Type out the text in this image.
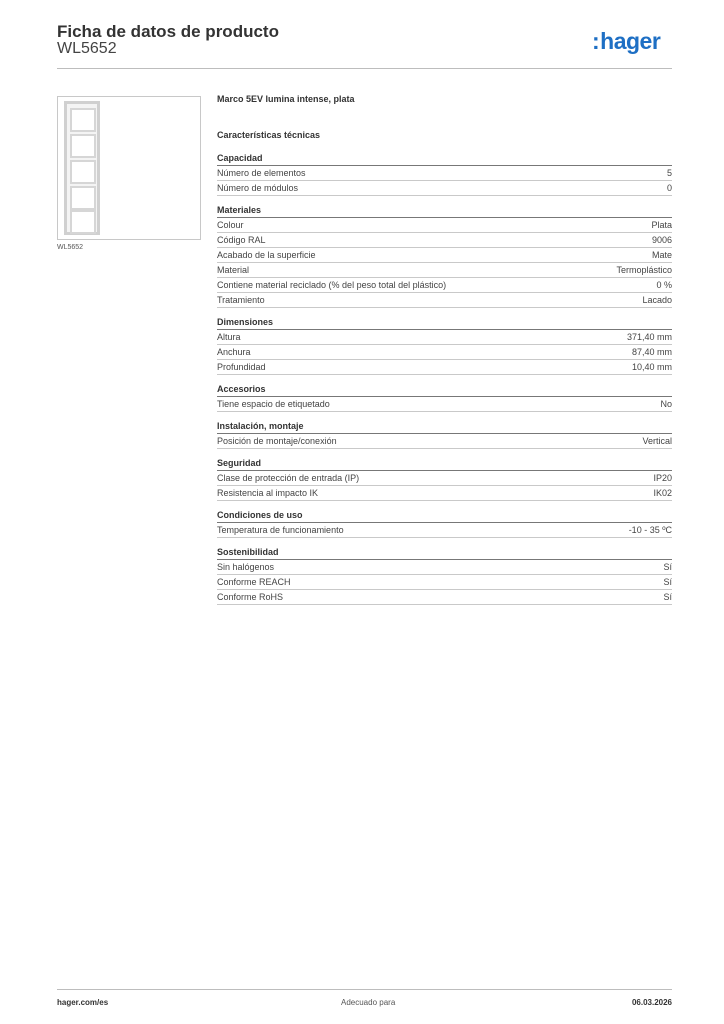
Ficha de datos de producto
WL5652	:hager
WL5652
Marco 5EV lumina intense, plata
Características técnicas
Capacidad
Número de elementos	5
Número de módulos	0
Materiales
Colour	Plata
Código RAL	9006
Acabado de la superficie	Mate
Material	Termoplástico
Contiene material reciclado (% del peso total del plástico)	0 %
Tratamiento	Lacado
Dimensiones
Altura	371,40 mm
Anchura	87,40 mm
Profundidad	10,40 mm
Accesorios
Tiene espacio de etiquetado	No
Instalación, montaje
Posición de montaje/conexión	Vertical
Seguridad
Clase de protección de entrada (IP)	IP20
Resistencia al impacto IK	IK02
Condiciones de uso
Temperatura de funcionamiento	-10 - 35 ºC
Sostenibilidad
Sin halógenos	Sí
Conforme REACH	Sí
Conforme RoHS	Sí
hager.com/es	Adecuado para	06.03.2026
